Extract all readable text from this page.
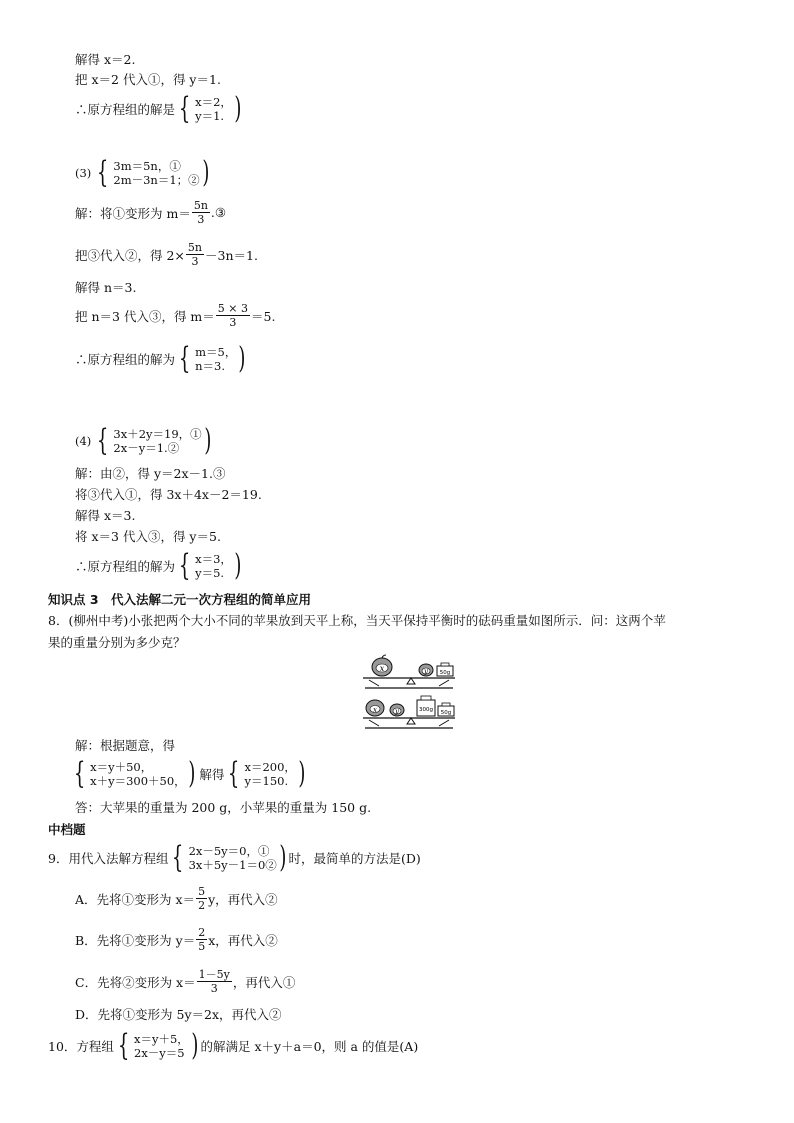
解得 x＝2.
把 x＝2 代入①，得 y＝1.
∴原方程组的解是 { x＝2，
y＝1. )
(3) { 3m＝5n，①
2m－3n＝1；② )
解：将①变形为 $m= \frac{5n}{3}$ .③
把③代入②，得 $2\times \frac{5n}{3} -3n=1$.
解得 n＝3.
把 n＝3 代入③，得 $m= \frac{5 \times 3}{3} =5$.
∴原方程组的解为 { m＝5，
n＝3. )
(4) { 3x＋2y＝19，①
2x－y＝1.② )
解：由②，得 y＝2x－1.③
将③代入①，得 3x＋4x－2＝19.
解得 x＝3.
将 x＝3 代入③，得 y＝5.
∴原方程组的解为 { x＝3，
y＝5. )
知识点 3　代入法解二元一次方程组的简单应用
8．(柳州中考)小张把两个大小不同的苹果放到天平上称，当天平保持平衡时的砝码重量如图所示．问：这两个苹
果的重量分别为多少克？
x	y 50g
x	y	300g 50g
解：根据题意，得
{ x＝y＋50，
x＋y＝300＋50， ) 解得 { x＝200，
y＝150. )
答：大苹果的重量为 200 g，小苹果的重量为 150 g.
中档题
9．用代入法解方程组 { 2x－5y＝0，①
3x＋5y－1＝0② ) 时，最简单的方法是(D)
A．先将①变形为 $x= \frac{5}{2}$ y，再代入②
B．先将①变形为 $y= \frac{2}{5}$ x，再代入②
C．先将②变形为 $x= \frac{1-5y}{3}$ ，再代入①
D．先将①变形为 5y＝2x，再代入②
10．方程组 { x＝y＋5，
2x－y＝5 ) 的解满足 x＋y＋a＝0，则 a 的值是(A)
